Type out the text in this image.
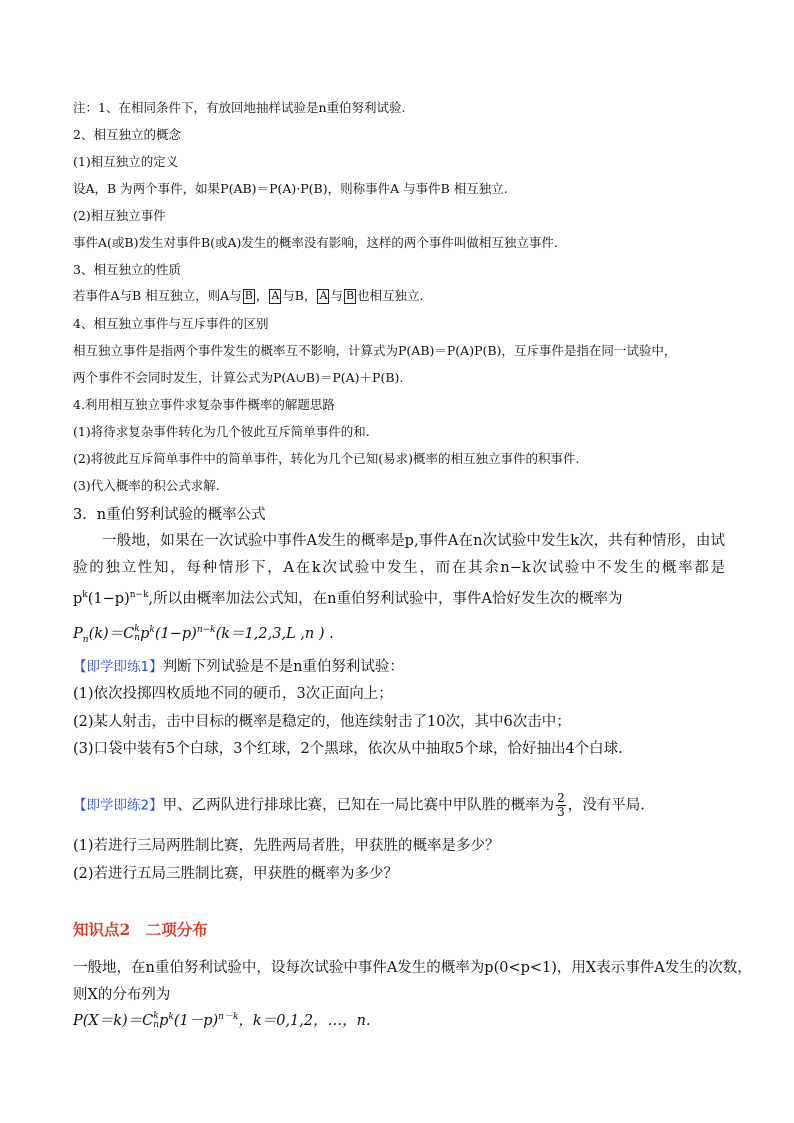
注：1、在相同条件下，有放回地抽样试验是n重伯努利试验.
2、相互独立的概念
(1)相互独立的定义
设A，B 为两个事件，如果P(AB)＝P(A)·P(B)，则称事件A 与事件B 相互独立.
(2)相互独立事件
事件A(或B)发生对事件B(或A)发生的概率没有影响，这样的两个事件叫做相互独立事件.
3、相互独立的性质
若事件A与B 相互独立，则A与 B ， A 与B， A 与 B 也相互独立.
4、相互独立事件与互斥事件的区别
相互独立事件是指两个事件发生的概率互不影响，计算式为P(AB)＝P(A)P(B)，互斥事件是指在同一试验中，
两个事件不会同时发生，计算公式为P(A∪B)＝P(A)＋P(B).
4.利用相互独立事件求复杂事件概率的解题思路
(1)将待求复杂事件转化为几个彼此互斥简单事件的和.
(2)将彼此互斥简单事件中的简单事件，转化为几个已知(易求)概率的相互独立事件的积事件.
(3)代入概率的积公式求解.
3．n重伯努利试验的概率公式
一般地，如果在一次试验中事件A发生的概率是p,事件A在n次试验中发生k次，共有种情形，由试验的独立性知，每种情形下，A在k次试验中发生，而在其余n−k次试验中不发生的概率都是$p^k(1-p)^{n-k}$,所以由概率加法公式知，在n重伯努利试验中，事件A恰好发生次的概率为
$P_n(k)=C$ k
n $p^k(1-p)^{n-k}(k=1,2,3,L$ ,n ) .
【即学即练1】判断下列试验是不是n重伯努利试验：
(1)依次投掷四枚质地不同的硬币，3次正面向上；
(2)某人射击，击中目标的概率是稳定的，他连续射击了10次，其中6次击中；
(3)口袋中装有5个白球，3个红球，2个黑球，依次从中抽取5个球，恰好抽出4个白球.
【即学即练2】甲、乙两队进行排球比赛，已知在一局比赛中甲队胜的概率为 $\frac{2}{3}$ ，没有平局.
(1)若进行三局两胜制比赛，先胜两局者胜，甲获胜的概率是多少？
(2)若进行五局三胜制比赛，甲获胜的概率为多少？
知识点2　二项分布
一般地，在n重伯努利试验中，设每次试验中事件A发生的概率为p(0<p<1)，用X表示事件A发生的次数，
则X的分布列为
P(X＝k)＝C k
n $p^k(1-p)^{n-k}$，k＝0,1,2，…，n.
